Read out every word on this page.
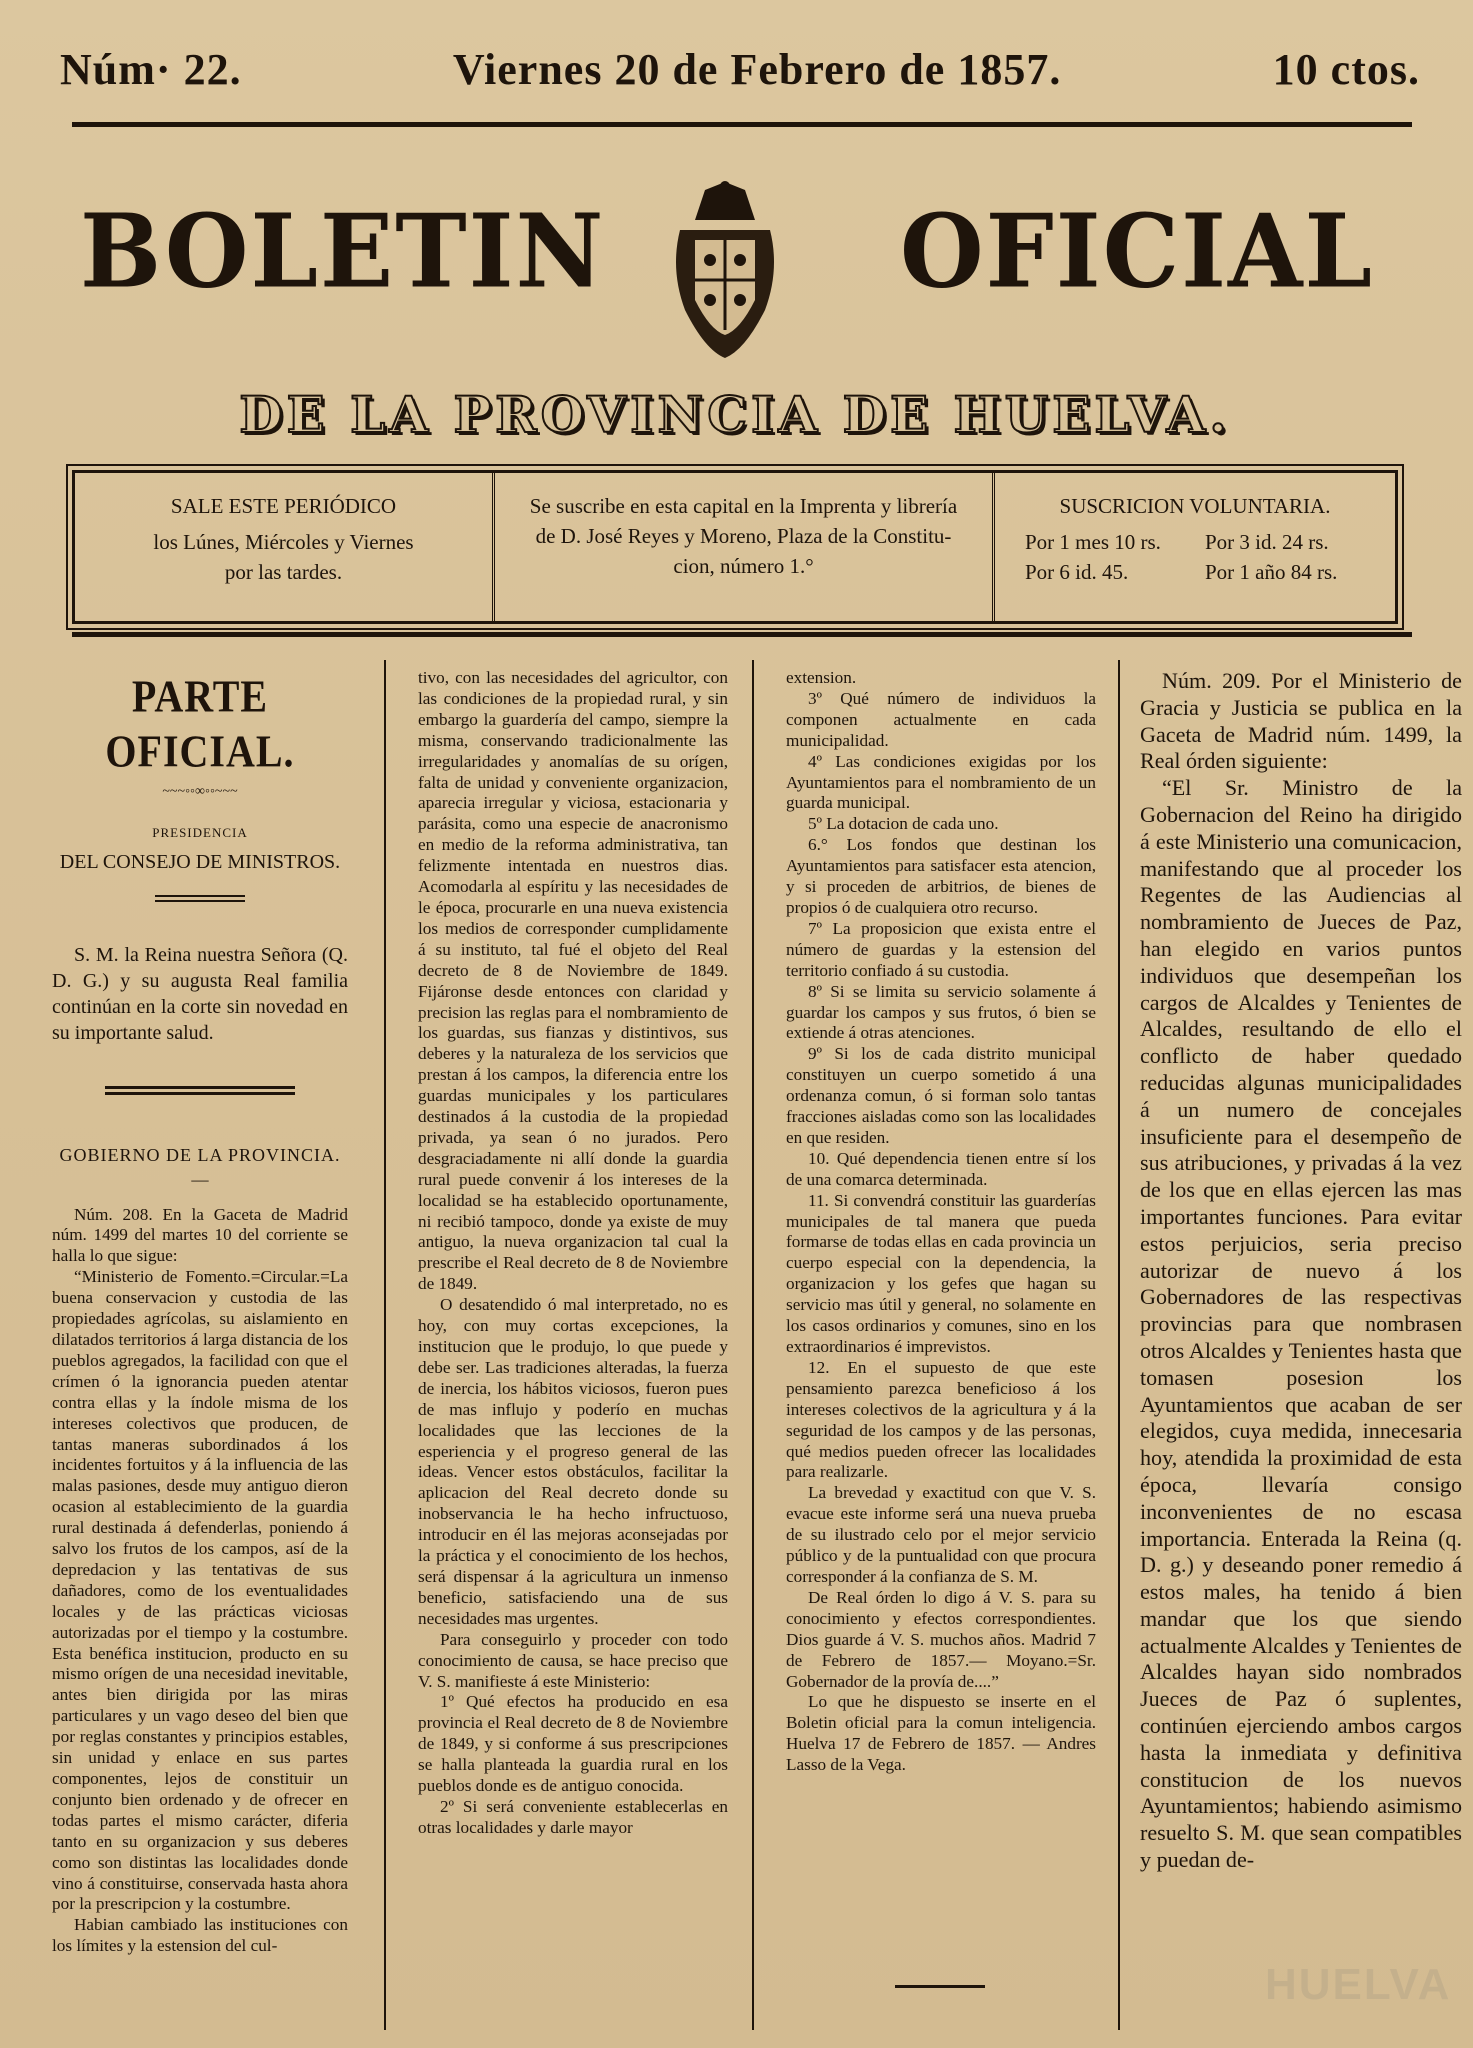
Núm· 22.	Viernes 20 de Febrero de 1857.	10 ctos.
BOLETIN	OFICIAL
DE LA PROVINCIA DE HUELVA.
SALE ESTE PERIÓDICO
los Lúnes, Miércoles y Viernes
por las tardes.
Se suscribe en esta capital en la Imprenta y librería
de D. José Reyes y Moreno, Plaza de la Constitu-
cion, número 1.°
SUSCRICION VOLUNTARIA.
Por 1 mes 10 rs.	Por 3 id. 24 rs.
Por 6 id. 45.	Por 1 año 84 rs.
PARTE OFICIAL.
~~~◦◦∞◦◦~~~
PRESIDENCIA
DEL CONSEJO DE MINISTROS.

S. M. la Reina nuestra Señora (Q. D. G.) y su augusta Real familia continúan en la corte sin novedad en su importante salud.

GOBIERNO DE LA PROVINCIA.
—

Núm. 208. En la Gaceta de Madrid núm. 1499 del martes 10 del corriente se halla lo que sigue:

“Ministerio de Fomento.=Circular.=La buena conservacion y custodia de las propiedades agrícolas, su aislamiento en dilatados territorios á larga distancia de los pueblos agregados, la facilidad con que el crímen ó la ignorancia pueden atentar contra ellas y la índole misma de los intereses colectivos que producen, de tantas maneras subordinados á los incidentes fortuitos y á la influencia de las malas pasiones, desde muy antiguo dieron ocasion al establecimiento de la guardia rural destinada á defenderlas, poniendo á salvo los frutos de los campos, así de la depredacion y las tentativas de sus dañadores, como de los eventualidades locales y de las prácticas viciosas autorizadas por el tiempo y la costumbre. Esta benéfica institucion, producto en su mismo orígen de una necesidad inevitable, antes bien dirigida por las miras particulares y un vago deseo del bien que por reglas constantes y principios estables, sin unidad y enlace en sus partes componentes, lejos de constituir un conjunto bien ordenado y de ofrecer en todas partes el mismo carácter, diferia tanto en su organizacion y sus deberes como son distintas las localidades donde vino á constituirse, conservada hasta ahora por la prescripcion y la costumbre.

Habian cambiado las instituciones con los límites y la estension del cul-

tivo, con las necesidades del agricultor, con las condiciones de la propiedad rural, y sin embargo la guardería del campo, siempre la misma, conservando tradicionalmente las irregularidades y anomalías de su orígen, falta de unidad y conveniente organizacion, aparecia irregular y viciosa, estacionaria y parásita, como una especie de anacronismo en medio de la reforma administrativa, tan felizmente intentada en nuestros dias. Acomodarla al espíritu y las necesidades de le época, procurarle en una nueva existencia los medios de corresponder cumplidamente á su instituto, tal fué el objeto del Real decreto de 8 de Noviembre de 1849. Fijáronse desde entonces con claridad y precision las reglas para el nombramiento de los guardas, sus fianzas y distintivos, sus deberes y la naturaleza de los servicios que prestan á los campos, la diferencia entre los guardas municipales y los particulares destinados á la custodia de la propiedad privada, ya sean ó no jurados. Pero desgraciadamente ni allí donde la guardia rural puede convenir á los intereses de la localidad se ha establecido oportunamente, ni recibió tampoco, donde ya existe de muy antiguo, la nueva organizacion tal cual la prescribe el Real decreto de 8 de Noviembre de 1849.

O desatendido ó mal interpretado, no es hoy, con muy cortas excepciones, la institucion que le produjo, lo que puede y debe ser. Las tradiciones alteradas, la fuerza de inercia, los hábitos viciosos, fueron pues de mas influjo y poderío en muchas localidades que las lecciones de la esperiencia y el progreso general de las ideas. Vencer estos obstáculos, facilitar la aplicacion del Real decreto donde su inobservancia le ha hecho infructuoso, introducir en él las mejoras aconsejadas por la práctica y el conocimiento de los hechos, será dispensar á la agricultura un inmenso beneficio, satisfaciendo una de sus necesidades mas urgentes.

Para conseguirlo y proceder con todo conocimiento de causa, se hace preciso que V. S. manifieste á este Ministerio:

1º Qué efectos ha producido en esa provincia el Real decreto de 8 de Noviembre de 1849, y si conforme á sus prescripciones se halla planteada la guardia rural en los pueblos donde es de antiguo conocida.

2º Si será conveniente establecerlas en otras localidades y darle mayor

extension.

3º Qué número de individuos la componen actualmente en cada municipalidad.

4º Las condiciones exigidas por los Ayuntamientos para el nombramiento de un guarda municipal.

5º La dotacion de cada uno.

6.° Los fondos que destinan los Ayuntamientos para satisfacer esta atencion, y si proceden de arbitrios, de bienes de propios ó de cualquiera otro recurso.

7º La proposicion que exista entre el número de guardas y la estension del territorio confiado á su custodia.

8º Si se limita su servicio solamente á guardar los campos y sus frutos, ó bien se extiende á otras atenciones.

9º Si los de cada distrito municipal constituyen un cuerpo sometido á una ordenanza comun, ó si forman solo tantas fracciones aisladas como son las localidades en que residen.

10. Qué dependencia tienen entre sí los de una comarca determinada.

11. Si convendrá constituir las guarderías municipales de tal manera que pueda formarse de todas ellas en cada provincia un cuerpo especial con la dependencia, la organizacion y los gefes que hagan su servicio mas útil y general, no solamente en los casos ordinarios y comunes, sino en los extraordinarios é imprevistos.

12. En el supuesto de que este pensamiento parezca beneficioso á los intereses colectivos de la agricultura y á la seguridad de los campos y de las personas, qué medios pueden ofrecer las localidades para realizarle.

La brevedad y exactitud con que V. S. evacue este informe será una nueva prueba de su ilustrado celo por el mejor servicio público y de la puntualidad con que procura corresponder á la confianza de S. M.

De Real órden lo digo á V. S. para su conocimiento y efectos correspondientes. Dios guarde á V. S. muchos años. Madrid 7 de Febrero de 1857.— Moyano.=Sr. Gobernador de la provía de....”

Lo que he dispuesto se inserte en el Boletin oficial para la comun inteligencia. Huelva 17 de Febrero de 1857. — Andres Lasso de la Vega.

Núm. 209. Por el Ministerio de Gracia y Justicia se publica en la Gaceta de Madrid núm. 1499, la Real órden siguiente:

“El Sr. Ministro de la Gobernacion del Reino ha dirigido á este Ministerio una comunicacion, manifestando que al proceder los Regentes de las Audiencias al nombramiento de Jueces de Paz, han elegido en varios puntos individuos que desempeñan los cargos de Alcaldes y Tenientes de Alcaldes, resultando de ello el conflicto de haber quedado reducidas algunas municipalidades á un numero de concejales insuficiente para el desempeño de sus atribuciones, y privadas á la vez de los que en ellas ejercen las mas importantes funciones. Para evitar estos perjuicios, seria preciso autorizar de nuevo á los Gobernadores de las respectivas provincias para que nombrasen otros Alcaldes y Tenientes hasta que tomasen posesion los Ayuntamientos que acaban de ser elegidos, cuya medida, innecesaria hoy, atendida la proximidad de esta época, llevaría consigo inconvenientes de no escasa importancia. Enterada la Reina (q. D. g.) y deseando poner remedio á estos males, ha tenido á bien mandar que los que siendo actualmente Alcaldes y Tenientes de Alcaldes hayan sido nombrados Jueces de Paz ó suplentes, continúen ejerciendo ambos cargos hasta la inmediata y definitiva constitucion de los nuevos Ayuntamientos; habiendo asimismo resuelto S. M. que sean compatibles y puedan de-

HUELVA
